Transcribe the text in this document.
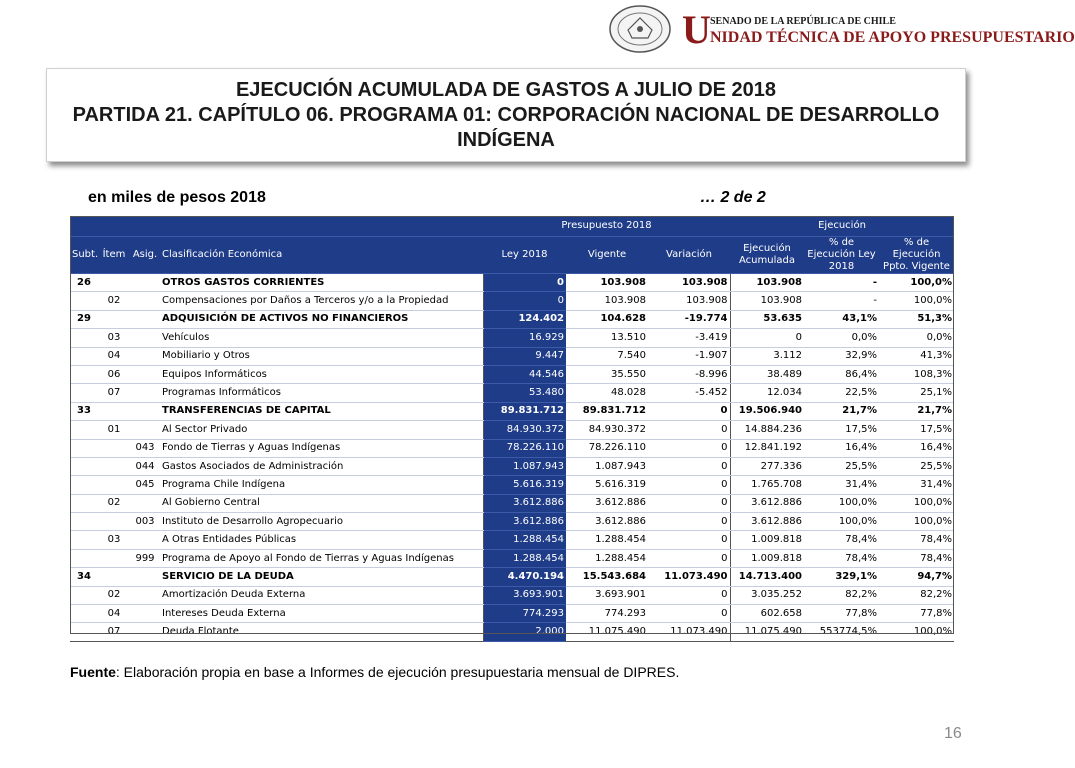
U SENADO DE LA REPÚBLICA DE CHILE
NIDAD TÉCNICA DE APOYO PRESUPUESTARIO
EJECUCIÓN ACUMULADA DE GASTOS A JULIO DE 2018
PARTIDA 21. CAPÍTULO 06. PROGRAMA 01: CORPORACIÓN NACIONAL DE DESARROLLO
INDÍGENA
en miles de pesos 2018	… 2 de 2
				Presupuesto 2018			Ejecución		
Subt.	Ítem	Asig.	Clasificación Económica	Ley 2018	Vigente	Variación	Ejecución Acumulada	% de Ejecución Ley 2018	% de Ejecución Ppto. Vigente
26			OTROS GASTOS CORRIENTES	0	103.908	103.908	103.908	-	100,0%
	02		Compensaciones por Daños a Terceros y/o a la Propiedad	0	103.908	103.908	103.908	-	100,0%
29			ADQUISICIÓN DE ACTIVOS NO FINANCIEROS	124.402	104.628	-19.774	53.635	43,1%	51,3%
	03		Vehículos	16.929	13.510	-3.419	0	0,0%	0,0%
	04		Mobiliario y Otros	9.447	7.540	-1.907	3.112	32,9%	41,3%
	06		Equipos Informáticos	44.546	35.550	-8.996	38.489	86,4%	108,3%
	07		Programas Informáticos	53.480	48.028	-5.452	12.034	22,5%	25,1%
33			TRANSFERENCIAS DE CAPITAL	89.831.712	89.831.712	0	19.506.940	21,7%	21,7%
	01		Al Sector Privado	84.930.372	84.930.372	0	14.884.236	17,5%	17,5%
		043	Fondo de Tierras y Aguas Indígenas	78.226.110	78.226.110	0	12.841.192	16,4%	16,4%
		044	Gastos Asociados de Administración	1.087.943	1.087.943	0	277.336	25,5%	25,5%
		045	Programa Chile Indígena	5.616.319	5.616.319	0	1.765.708	31,4%	31,4%
	02		Al Gobierno Central	3.612.886	3.612.886	0	3.612.886	100,0%	100,0%
		003	Instituto de Desarrollo Agropecuario	3.612.886	3.612.886	0	3.612.886	100,0%	100,0%
	03		A Otras Entidades Públicas	1.288.454	1.288.454	0	1.009.818	78,4%	78,4%
		999	Programa de Apoyo al Fondo de Tierras y Aguas Indígenas	1.288.454	1.288.454	0	1.009.818	78,4%	78,4%
34			SERVICIO DE LA DEUDA	4.470.194	15.543.684	11.073.490	14.713.400	329,1%	94,7%
	02		Amortización Deuda Externa	3.693.901	3.693.901	0	3.035.252	82,2%	82,2%
	04		Intereses Deuda Externa	774.293	774.293	0	602.658	77,8%	77,8%
	07		Deuda Flotante	2.000	11.075.490	11.073.490	11.075.490	553774,5%	100,0%
Fuente: Elaboración propia en base a Informes de ejecución presupuestaria mensual de DIPRES.
16
